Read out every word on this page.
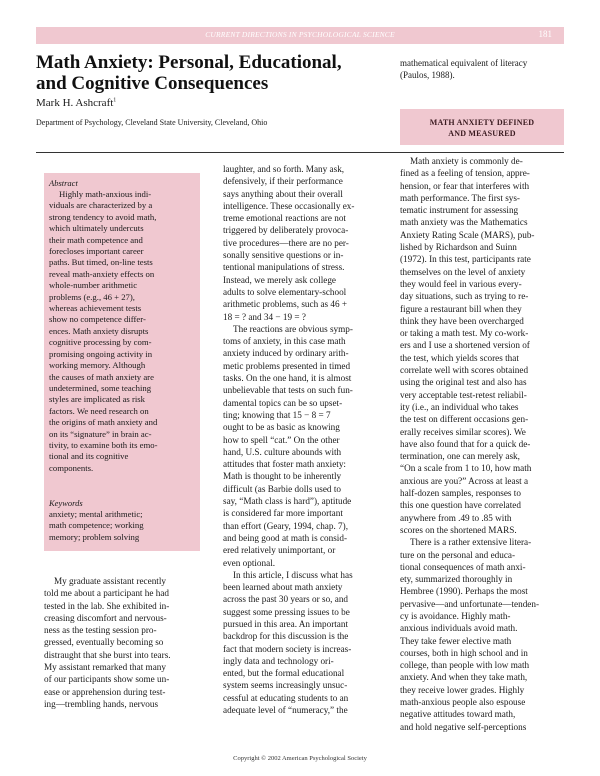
CURRENT DIRECTIONS IN PSYCHOLOGICAL SCIENCE	181
Math Anxiety: Personal, Educational,
and Cognitive Consequences
Mark H. Ashcraft$^1$
Department of Psychology, Cleveland State University, Cleveland, Ohio
mathematical equivalent of literacy
(Paulos, 1988).
MATH ANXIETY DEFINED
AND MEASURED
Abstract
Highly math-anxious indi-
viduals are characterized by a
strong tendency to avoid math,
which ultimately undercuts
their math competence and
forecloses important career
paths. But timed, on-line tests
reveal math-anxiety effects on
whole-number arithmetic
problems (e.g., 46 + 27),
whereas achievement tests
show no competence differ-
ences. Math anxiety disrupts
cognitive processing by com-
promising ongoing activity in
working memory. Although
the causes of math anxiety are
undetermined, some teaching
styles are implicated as risk
factors. We need research on
the origins of math anxiety and
on its “signature” in brain ac-
tivity, to examine both its emo-
tional and its cognitive
components.
Keywords
anxiety; mental arithmetic;
math competence; working
memory; problem solving
My graduate assistant recently
told me about a participant he had
tested in the lab. She exhibited in-
creasing discomfort and nervous-
ness as the testing session pro-
gressed, eventually becoming so
distraught that she burst into tears.
My assistant remarked that many
of our participants show some un-
ease or apprehension during test-
ing—trembling hands, nervous
laughter, and so forth. Many ask,
defensively, if their performance
says anything about their overall
intelligence. These occasionally ex-
treme emotional reactions are not
triggered by deliberately provoca-
tive procedures—there are no per-
sonally sensitive questions or in-
tentional manipulations of stress.
Instead, we merely ask college
adults to solve elementary-school
arithmetic problems, such as 46 +
18 = ? and 34 − 19 = ?
The reactions are obvious symp-
toms of anxiety, in this case math
anxiety induced by ordinary arith-
metic problems presented in timed
tasks. On the one hand, it is almost
unbelievable that tests on such fun-
damental topics can be so upset-
ting; knowing that 15 − 8 = 7
ought to be as basic as knowing
how to spell “cat.” On the other
hand, U.S. culture abounds with
attitudes that foster math anxiety:
Math is thought to be inherently
difficult (as Barbie dolls used to
say, “Math class is hard”), aptitude
is considered far more important
than effort (Geary, 1994, chap. 7),
and being good at math is consid-
ered relatively unimportant, or
even optional.
In this article, I discuss what has
been learned about math anxiety
across the past 30 years or so, and
suggest some pressing issues to be
pursued in this area. An important
backdrop for this discussion is the
fact that modern society is increas-
ingly data and technology ori-
ented, but the formal educational
system seems increasingly unsuc-
cessful at educating students to an
adequate level of “numeracy,” the
Math anxiety is commonly de-
fined as a feeling of tension, appre-
hension, or fear that interferes with
math performance. The first sys-
tematic instrument for assessing
math anxiety was the Mathematics
Anxiety Rating Scale (MARS), pub-
lished by Richardson and Suinn
(1972). In this test, participants rate
themselves on the level of anxiety
they would feel in various every-
day situations, such as trying to re-
figure a restaurant bill when they
think they have been overcharged
or taking a math test. My co-work-
ers and I use a shortened version of
the test, which yields scores that
correlate well with scores obtained
using the original test and also has
very acceptable test-retest reliabil-
ity (i.e., an individual who takes
the test on different occasions gen-
erally receives similar scores). We
have also found that for a quick de-
termination, one can merely ask,
“On a scale from 1 to 10, how math
anxious are you?” Across at least a
half-dozen samples, responses to
this one question have correlated
anywhere from .49 to .85 with
scores on the shortened MARS.
There is a rather extensive litera-
ture on the personal and educa-
tional consequences of math anxi-
ety, summarized thoroughly in
Hembree (1990). Perhaps the most
pervasive—and unfortunate—tenden-
cy is avoidance. Highly math-
anxious individuals avoid math.
They take fewer elective math
courses, both in high school and in
college, than people with low math
anxiety. And when they take math,
they receive lower grades. Highly
math-anxious people also espouse
negative attitudes toward math,
and hold negative self-perceptions
Copyright © 2002 American Psychological Society
